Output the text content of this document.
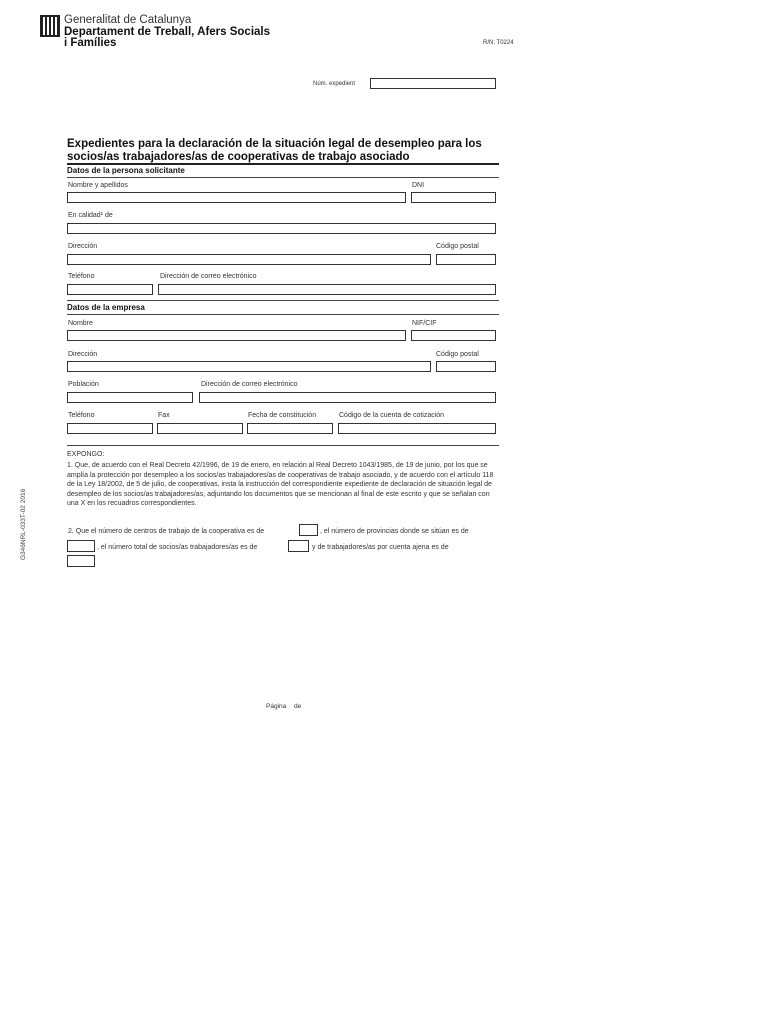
Generalitat de Catalunya
Departament de Treball, Afers Socials
i Famílies	R/N: T0224
Núm. expedient
Expedientes para la declaración de la situación legal de desempleo para los socios/as trabajadores/as de cooperativas de trabajo asociado
Datos de la persona solicitante
Nombre y apellidos	DNI
En calidad¹ de
Dirección	Código postal
Teléfono	Dirección de correo electrónico
Datos de la empresa
Nombre	NIF/CIF
Dirección	Código postal
Población	Dirección de correo electrónico
Teléfono	Fax	Fecha de constitución	Código de la cuenta de cotización
EXPONGO:
1. Que, de acuerdo con el Real Decreto 42/1996, de 19 de enero, en relación al Real Decreto 1043/1985, de 19 de junio, por los que se amplía la protección por desempleo a los socios/as trabajadores/as de cooperativas de trabajo asociado, y de acuerdo con el artículo 118 de la Ley 18/2002, de 5 de julio, de cooperativas, insta la instrucción del correspondiente expediente de declaración de situación legal de desempleo de los socios/as trabajadores/as, adjuntando los documentos que se mencionan al final de este escrito y que se señalan con una X en los recuadros correspondientes.
2. Que el número de centros de trabajo de la cooperativa es de	, el número de provincias donde se sitúan es de
, el número total de socios/as trabajadores/as es de	y de trabajadores/as por cuenta ajena es de
G346NRL-033T-02 2016
Página de
